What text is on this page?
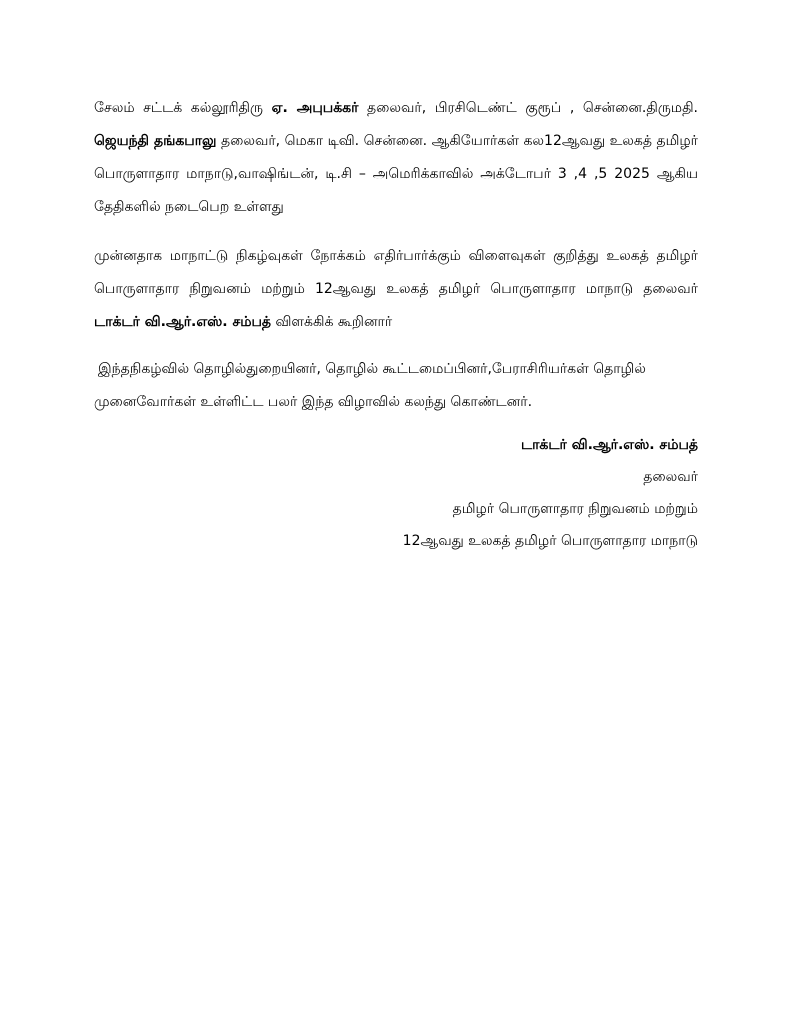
சேலம் சட்டக் கல்லூரிதிரு ஏ. அபுபக்கர் தலைவர், பிரசிடெண்ட் குரூப் , சென்னை.திருமதி. ஜெயந்தி தங்கபாலு தலைவர், மெகா டிவி. சென்னை. ஆகியோர்கள் கல12ஆவது உலகத் தமிழர் பொருளாதார மாநாடு,வாஷிங்டன், டி.சி – அமெரிக்காவில் அக்டோபர் 3 ,4 ,5 2025 ஆகிய தேதிகளில் நடைபெற உள்ளது

முன்னதாக மாநாட்டு நிகழ்வுகள் நோக்கம் எதிர்பார்க்கும் விளைவுகள் குறித்து உலகத் தமிழர் பொருளாதார நிறுவனம் மற்றும் 12ஆவது உலகத் தமிழர் பொருளாதார மாநாடு தலைவர் டாக்டர் வி.ஆர்.எஸ். சம்பத் விளக்கிக் கூறினார்

இந்தநிகழ்வில் தொழில்துறையினர், தொழில் கூட்டமைப்பினர்,பேராசிரியர்கள் தொழில் முனைவோர்கள் உள்ளிட்ட பலர் இந்த விழாவில் கலந்து கொண்டனர்.

டாக்டர் வி.ஆர்.எஸ். சம்பத்
தலைவர்
தமிழர் பொருளாதார நிறுவனம் மற்றும்
12ஆவது உலகத் தமிழர் பொருளாதார மாநாடு
